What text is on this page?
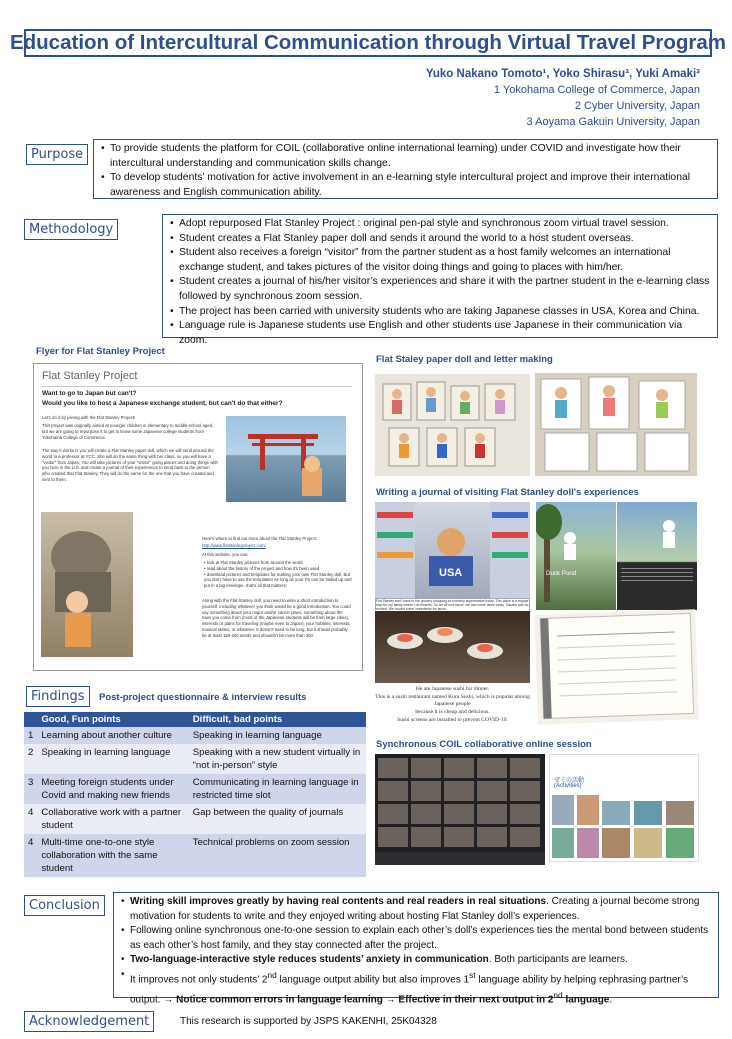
Education of Intercultural Communication through Virtual Travel Program
Yuko Nakano Tomoto¹, Yoko Shirasu², Yuki Amaki³
1 Yokohama College of Commerce, Japan
2 Cyber University, Japan
3 Aoyama Gakuin University, Japan
Purpose	• To provide students the platform for COIL (collaborative online international learning) under COVID and investigate how their intercultural understanding and communication skills change.
• To develop students’ motivation for active involvement in an e-learning style intercultural project and improve their international awareness and English communication ability.
Methodology	• Adopt repurposed Flat Stanley Project : original pen-pal style and synchronous zoom virtual travel session.
• Student creates a Flat Stanley paper doll and sends it around the world to a host student overseas.
• Student also receives a foreign “visitor” from the partner student as a host family welcomes an international exchange student, and takes pictures of the visitor doing things and going to places with him/her.
• Student creates a journal of his/her visitor’s experiences and share it with the partner student in the e-learning class followed by synchronous zoom session.
• The project has been carried with university students who are taking Japanese classes in USA, Korea and China.
• Language rule is Japanese students use English and other students use Japanese in their communication via zoom.
Flyer for Flat Stanley Project
Flat Stanley Project
Want to go to Japan but can't?
Would you like to host a Japanese exchange student, but can't do that either?
Let's do it by joining with the Flat Stanley Project!
This project was originally aimed at younger children in elementary to middle-school aged, but we are going to repurpose it to get to know some Japanese college students from Yokohama College of Commerce.
The way it works is you will create a Flat Stanley paper doll, which we will send around the world to a professor at YCC. She will do the same thing with her class, so you will have a "visitor" from Japan. You will take pictures of your "visitor" going places and doing things with you here in the U.S. and create a journal of their experiences to send back to the person who created that Flat Stanley. They will do the same for the one that you have created and sent to them.
Here's where to find out more about the Flat Stanley Project:
http://www.flatstanleyproject.com/
At this website, you can:
• look at Flat Stanley pictures from around the world
• read about the history of the project and how it's been used
• download pictures and templates for making your own Flat Stanley doll. But you don't have to use the templates! As long as your FS can be folded up and put in a big envelope, that's all that matters!
Along with the Flat Stanley doll, you need to write a short introduction to yourself, including whatever you think would be a good introduction. You could say something about your major and/or career plans, something about the town you come from (most of the Japanese students will be from large cities), interests or plans for traveling (maybe even to Japan), your hobbies, interests, musical tastes, or whatever. It doesn't need to be long, but it should probably be at least 150-200 words and shouldn't be more than 300.
Flat Staley paper doll and letter making
Writing a journal of visiting Flat Stanley doll's experiences
USA
Flat Stanley and I went to the grocery shopping at a nearby supermarket today. This place is a regular stop for my family where I do errands. So we all love tacos, we had some tacos today. Stanley was so excited. We bought some ingredients for tacos.
Duck Pond
He ate Japanese sushi for dinner.
This is a sushi restaurant named Kura Sushi, which is popular among Japanese people
because it is cheap and delicious.
Sushi screens are installed to prevent COVID-19.
Synchronous COIL collaborative online session
ぜミの活動
(Activities)
Findings	Post-project questionnaire & interview results
	Good, Fun points	Difficult, bad points
1	Learning about another culture	Speaking in learning language
2	Speaking in learning language	Speaking with a new student virtually in “not in-person” style
3	Meeting foreign students under Covid and making new friends	Communicating in learning language in restricted time slot
4	Collaborative work with a partner student	Gap between the quality of journals
4	Multi-time one-to-one style collaboration with the same student	Technical problems on zoom session
Conclusion	• Writing skill improves greatly by having real contents and real readers in real situations. Creating a journal become strong motivation for students to write and they enjoyed writing about hosting Flat Stanley doll’s experiences.
• Following online synchronous one-to-one session to explain each other’s doll’s experiences ties the mental bond between students as each other’s host family, and they stay connected after the project.
• Two-language-interactive style reduces students’ anxiety in communication. Both participants are learners.
• It improves not only students’ 2nd language output ability but also improves 1st language ability by helping rephrasing partner’s output. → Notice common errors in language learning → Effective in their next output in 2nd language.
Acknowledgement	This research is supported by JSPS KAKENHI, 25K04328
